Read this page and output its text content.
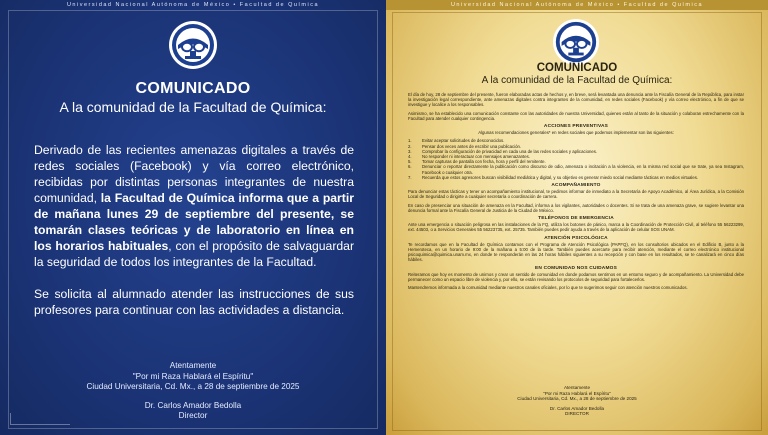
Universidad Nacional Autónoma de México • Facultad de Química
COMUNICADO
A la comunidad de la Facultad de Química:

Derivado de las recientes amenazas digitales a través de redes sociales (Facebook) y vía correo electrónico, recibidas por distintas personas integrantes de nuestra comunidad, la Facultad de Química informa que a partir de mañana lunes 29 de septiembre del presente, se tomarán clases teóricas y de laboratorio en línea en los horarios habituales, con el propósito de salvaguardar la seguridad de todos los integrantes de la Facultad.

Se solicita al alumnado atender las instrucciones de sus profesores para continuar con las actividades a distancia.

Atentamente
"Por mi Raza Hablará el Espíritu"
Ciudad Universitaria, Cd. Mx., a 28 de septiembre de 2025
Dr. Carlos Amador Bedolla
Director
Universidad Nacional Autónoma de México • Facultad de Química
COMUNICADO
A la comunidad de la Facultad de Química:

El día de hoy, 28 de septiembre del presente, fueron elaboradas actas de hechos y, en breve, será levantada una denuncia ante la Fiscalía General de la República, para instar la investigación legal correspondiente, ante amenazas digitales contra integrantes de la comunidad, en redes sociales (Facebook) y vía correo electrónico, a fin de que se investigue y localice a los responsables.

Asimismo, se ha establecido una comunicación constante con las autoridades de nuestra Universidad, quienes están al tanto de la situación y colaboran estrechamente con la Facultad para atender cualquier contingencia.

ACCIONES PREVENTIVAS

Algunas recomendaciones generales* en redes sociales que podemos implementar son las siguientes:

1.	Evitar aceptar solicitudes de desconocidos.
2.	Pensar dos veces antes de escribir una publicación.
3.	Comprobar la configuración de privacidad en cada una de las redes sociales y aplicaciones.
4.	No responder ni interactuar con mensajes amenazantes.
5.	Tomar capturas de pantalla con fecha, hora y perfil del remitente.
6.	Denunciar o reportar directamente la publicación como discurso de odio, amenaza o incitación a la violencia, en la misma red social que se trate, ya sea Instagram, Facebook o cualquier otra.
7.	Recuerda que estos agresores buscan visibilidad mediática y digital, y su objetivo es generar miedo social mediante tácticas en medios virtuales.
ACOMPAÑAMIENTO

Para denunciar estas tácticas y tener un acompañamiento institucional, te pedimos informar de inmediato a la Secretaría de Apoyo Académico, al Área Jurídica, a la Comisión Local de Seguridad o dirigirte a cualquier secretaría o coordinación de carrera.

En caso de presenciar una situación de amenaza en la Facultad, informa a los vigilantes, autoridades o docentes. Si se trata de una amenaza grave, se sugiere levantar una denuncia formal ante la Fiscalía General de Justicia de la Ciudad de México.

TELÉFONOS DE EMERGENCIA

Ante una emergencia o situación peligrosa en las instalaciones de la FQ, utiliza los botones de pánico, marca a la Coordinación de Protección Civil, al teléfono 55 56223299, ext. 44503, o a Servicios Generales 55 56223735, ext. 25735. También puedes pedir ayuda a través de la aplicación de celular SOS UNAM.

ATENCIÓN PSICOLÓGICA

Te recordamos que en la Facultad de Química contamos con el Programa de Atención Psicológica (PAPFQ), en los consultorios ubicados en el Edificio B, junto a la Hemeroteca, en un horario de 9:00 de la mañana a 5:00 de la tarde. También puedes acercarte para recibir atención, mediante el correo electrónico institucional psicoquimica@quimica.unam.mx, en donde te responderán en las 24 horas hábiles siguientes a su recepción y con base en los resultados, se te canalizará en cinco días hábiles.

EN COMUNIDAD NOS CUIDAMOS

Reiteramos que hoy es momento de unirnos y crear un sentido de comunidad en donde podamos sentirnos en un entorno seguro y de acompañamiento. La Universidad debe permanecer como un espacio libre de violencia y, por ello, se están revisando los protocolos de seguridad para fortalecerlos.

Mantendremos informada a la comunidad mediante nuestros canales oficiales, por lo que te sugerimos seguir con atención nuestros comunicados.

Atentamente
"Por mi Raza Hablará el Espíritu"
Ciudad Universitaria, Cd. Mx., a 28 de septiembre de 2025
Dr. Carlos Amador Bedolla
DIRECTOR
